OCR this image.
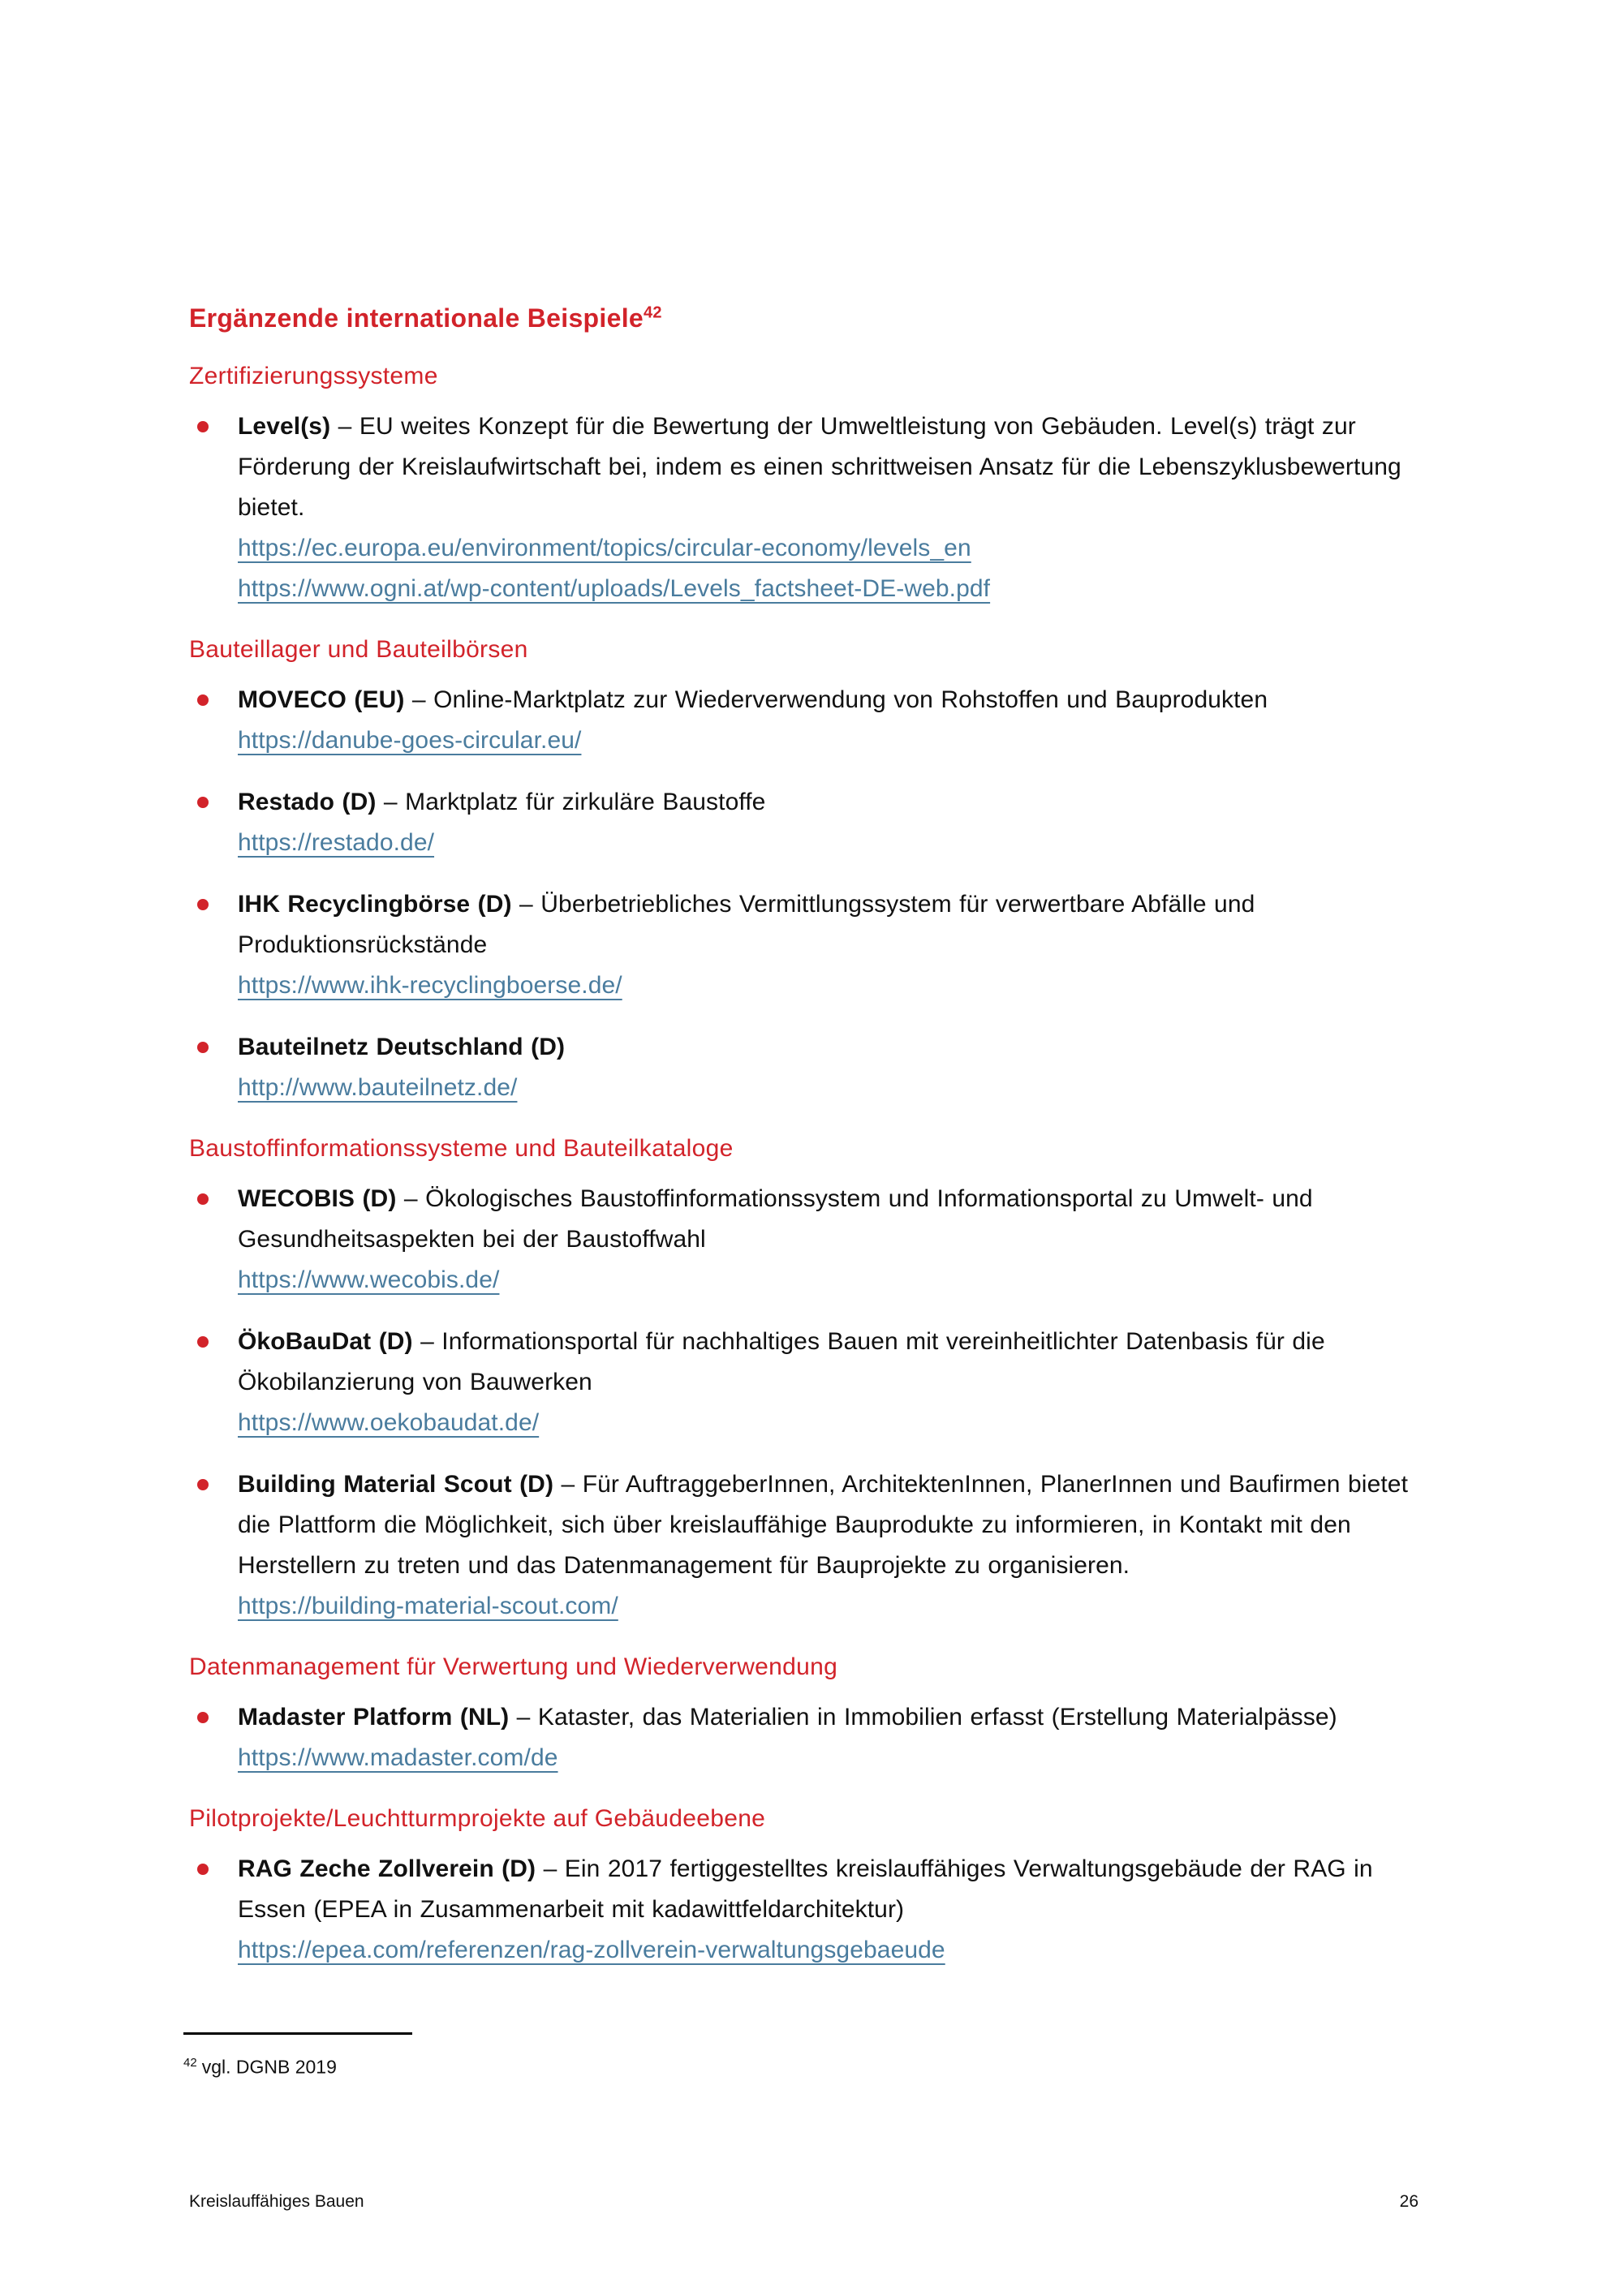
Ergänzende internationale Beispiele$^{42}$
Zertifizierungssysteme

Level(s) – EU weites Konzept für die Bewertung der Umweltleistung von Gebäuden. Level(s) trägt zur Förderung der Kreislaufwirtschaft bei, indem es einen schrittweisen Ansatz für die Lebenszyklusbewertung bietet.

https://ec.europa.eu/environment/topics/circular-economy/levels_en
https://www.ogni.at/wp-content/uploads/Levels_factsheet-DE-web.pdf
Bauteillager und Bauteilbörsen

MOVECO (EU) – Online-Marktplatz zur Wiederverwendung von Rohstoffen und Bauprodukten

https://danube-goes-circular.eu/

Restado (D) – Marktplatz für zirkuläre Baustoffe

https://restado.de/

IHK Recyclingbörse (D) – Überbetriebliches Vermittlungssystem für verwertbare Abfälle und Produktionsrückstände

https://www.ihk-recyclingboerse.de/

Bauteilnetz Deutschland (D)

http://www.bauteilnetz.de/
Baustoffinformationssysteme und Bauteilkataloge

WECOBIS (D) – Ökologisches Baustoffinformationssystem und Informationsportal zu Umwelt- und Gesundheitsaspekten bei der Baustoffwahl

https://www.wecobis.de/

ÖkoBauDat (D) – Informationsportal für nachhaltiges Bauen mit vereinheitlichter Datenbasis für die Ökobilanzierung von Bauwerken

https://www.oekobaudat.de/

Building Material Scout (D) – Für AuftraggeberInnen, ArchitektenInnen, PlanerInnen und Baufirmen bietet die Plattform die Möglichkeit, sich über kreislauffähige Bauprodukte zu informieren, in Kontakt mit den Herstellern zu treten und das Datenmanagement für Bauprojekte zu organisieren.

https://building-material-scout.com/
Datenmanagement für Verwertung und Wiederverwendung

Madaster Platform (NL) – Kataster, das Materialien in Immobilien erfasst (Erstellung Materialpässe)

https://www.madaster.com/de
Pilotprojekte/Leuchtturmprojekte auf Gebäudeebene

RAG Zeche Zollverein (D) – Ein 2017 fertiggestelltes kreislauffähiges Verwaltungsgebäude der RAG in Essen (EPEA in Zusammenarbeit mit kadawittfeldarchitektur)

https://epea.com/referenzen/rag-zollverein-verwaltungsgebaeude
$^{42}$ vgl. DGNB 2019
Kreislauffähiges Bauen	26
